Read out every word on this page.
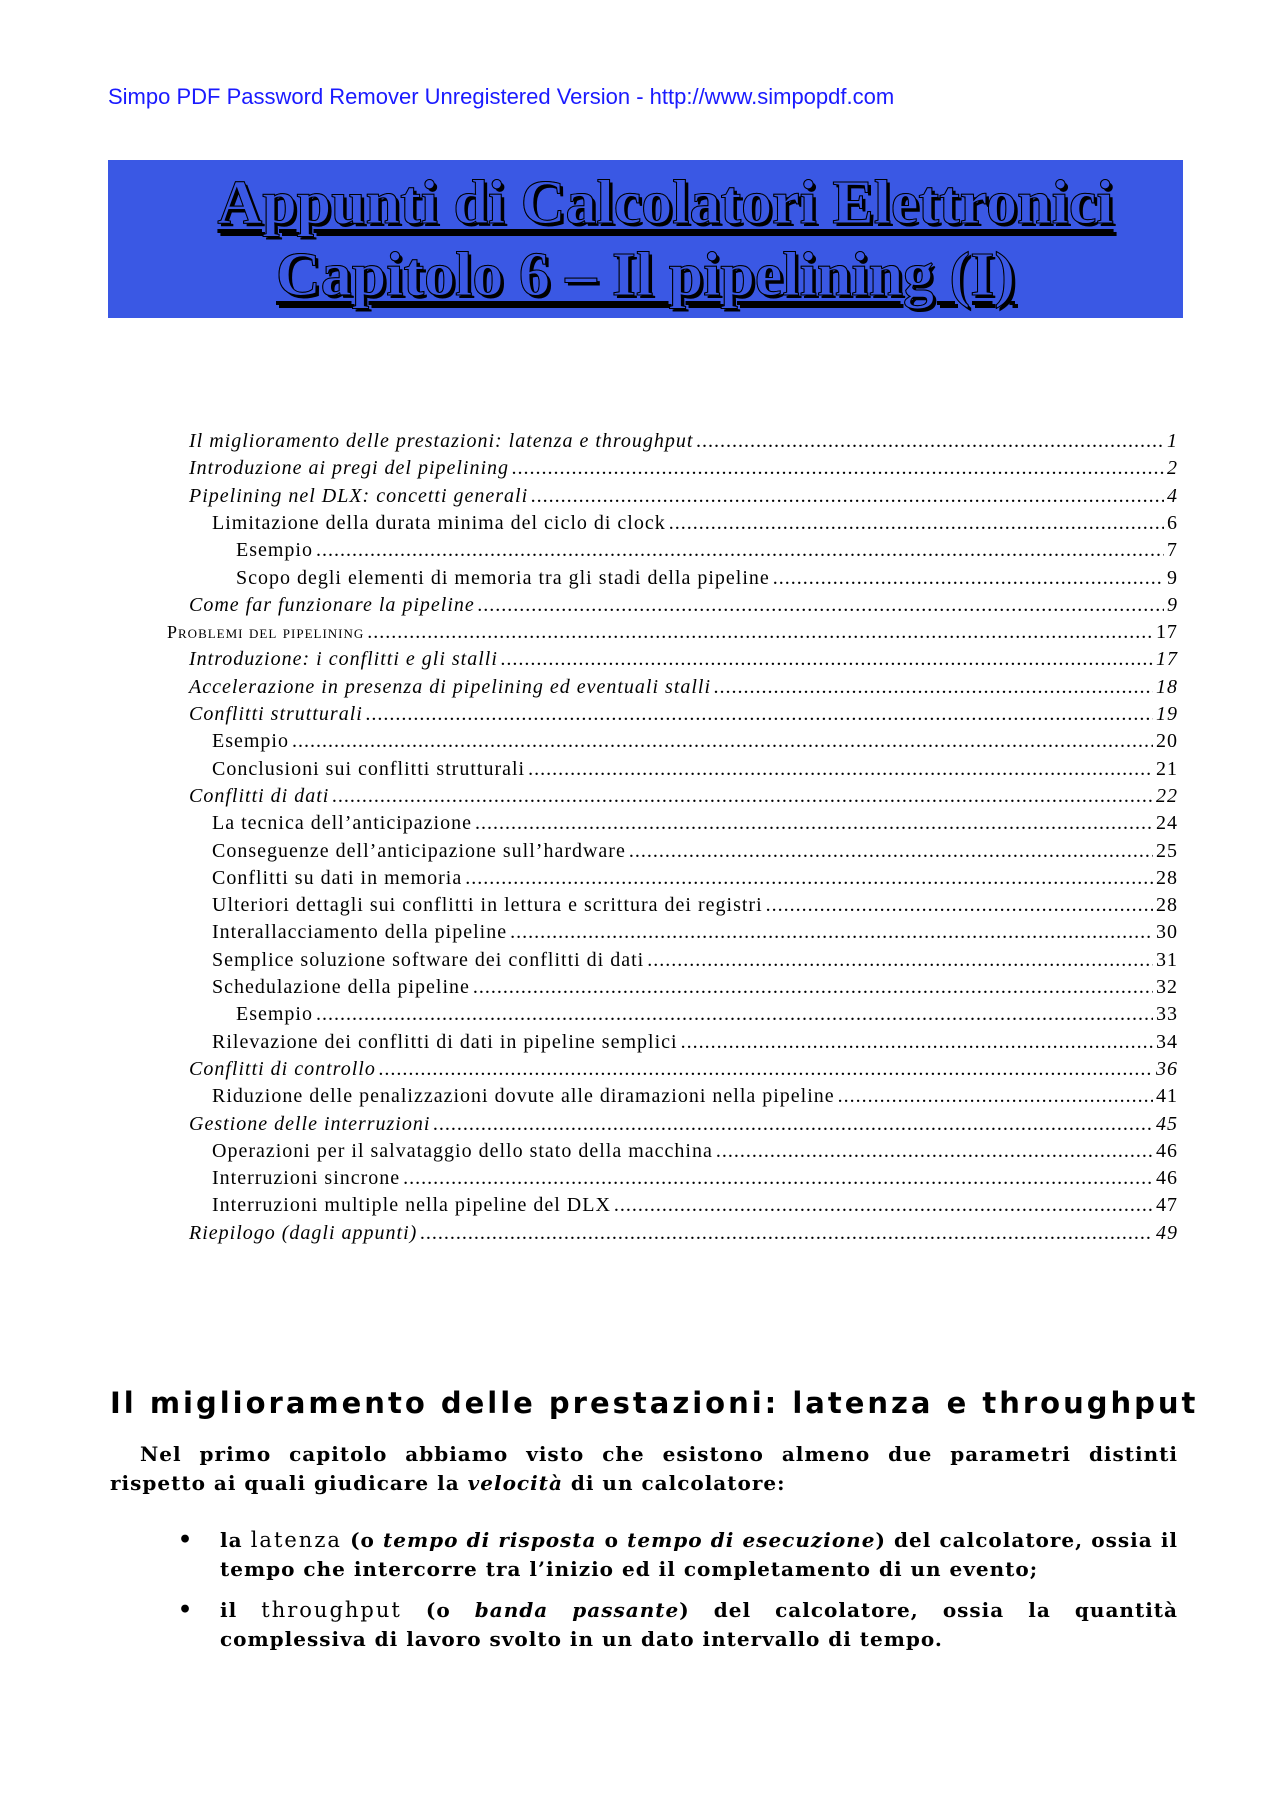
Simpo PDF Password Remover Unregistered Version - http://www.simpopdf.com
Appunti di Calcolatori Elettronici
Capitolo 6 – Il pipelining (I)
Il miglioramento delle prestazioni: latenza e throughput .....	1
Introduzione ai pregi del pipelining .....	2
Pipelining nel DLX: concetti generali .....	4
Limitazione della durata minima del ciclo di clock .....	6
Esempio .....	7
Scopo degli elementi di memoria tra gli stadi della pipeline .....	9
Come far funzionare la pipeline .....	9
Problemi del pipelining .....	17
Introduzione: i conflitti e gli stalli .....	17
Accelerazione in presenza di pipelining ed eventuali stalli .....	18
Conflitti strutturali .....	19
Esempio .....	20
Conclusioni sui conflitti strutturali .....	21
Conflitti di dati .....	22
La tecnica dell’anticipazione .....	24
Conseguenze dell’anticipazione sull’hardware .....	25
Conflitti su dati in memoria .....	28
Ulteriori dettagli sui conflitti in lettura e scrittura dei registri .....	28
Interallacciamento della pipeline .....	30
Semplice soluzione software dei conflitti di dati .....	31
Schedulazione della pipeline .....	32
Esempio .....	33
Rilevazione dei conflitti di dati in pipeline semplici .....	34
Conflitti di controllo .....	36
Riduzione delle penalizzazioni dovute alle diramazioni nella pipeline .....	41
Gestione delle interruzioni .....	45
Operazioni per il salvataggio dello stato della macchina .....	46
Interruzioni sincrone .....	46
Interruzioni multiple nella pipeline del DLX .....	47
Riepilogo (dagli appunti) .....	49
Il miglioramento delle prestazioni: latenza e throughput

Nel primo capitolo abbiamo visto che esistono almeno due parametri distinti rispetto ai quali giudicare la velocità di un calcolatore:

• la latenza (o tempo di risposta o tempo di esecuzione) del calcolatore, ossia il tempo che intercorre tra l’inizio ed il completamento di un evento;
• il throughput (o banda passante) del calcolatore, ossia la quantità complessiva di lavoro svolto in un dato intervallo di tempo.
